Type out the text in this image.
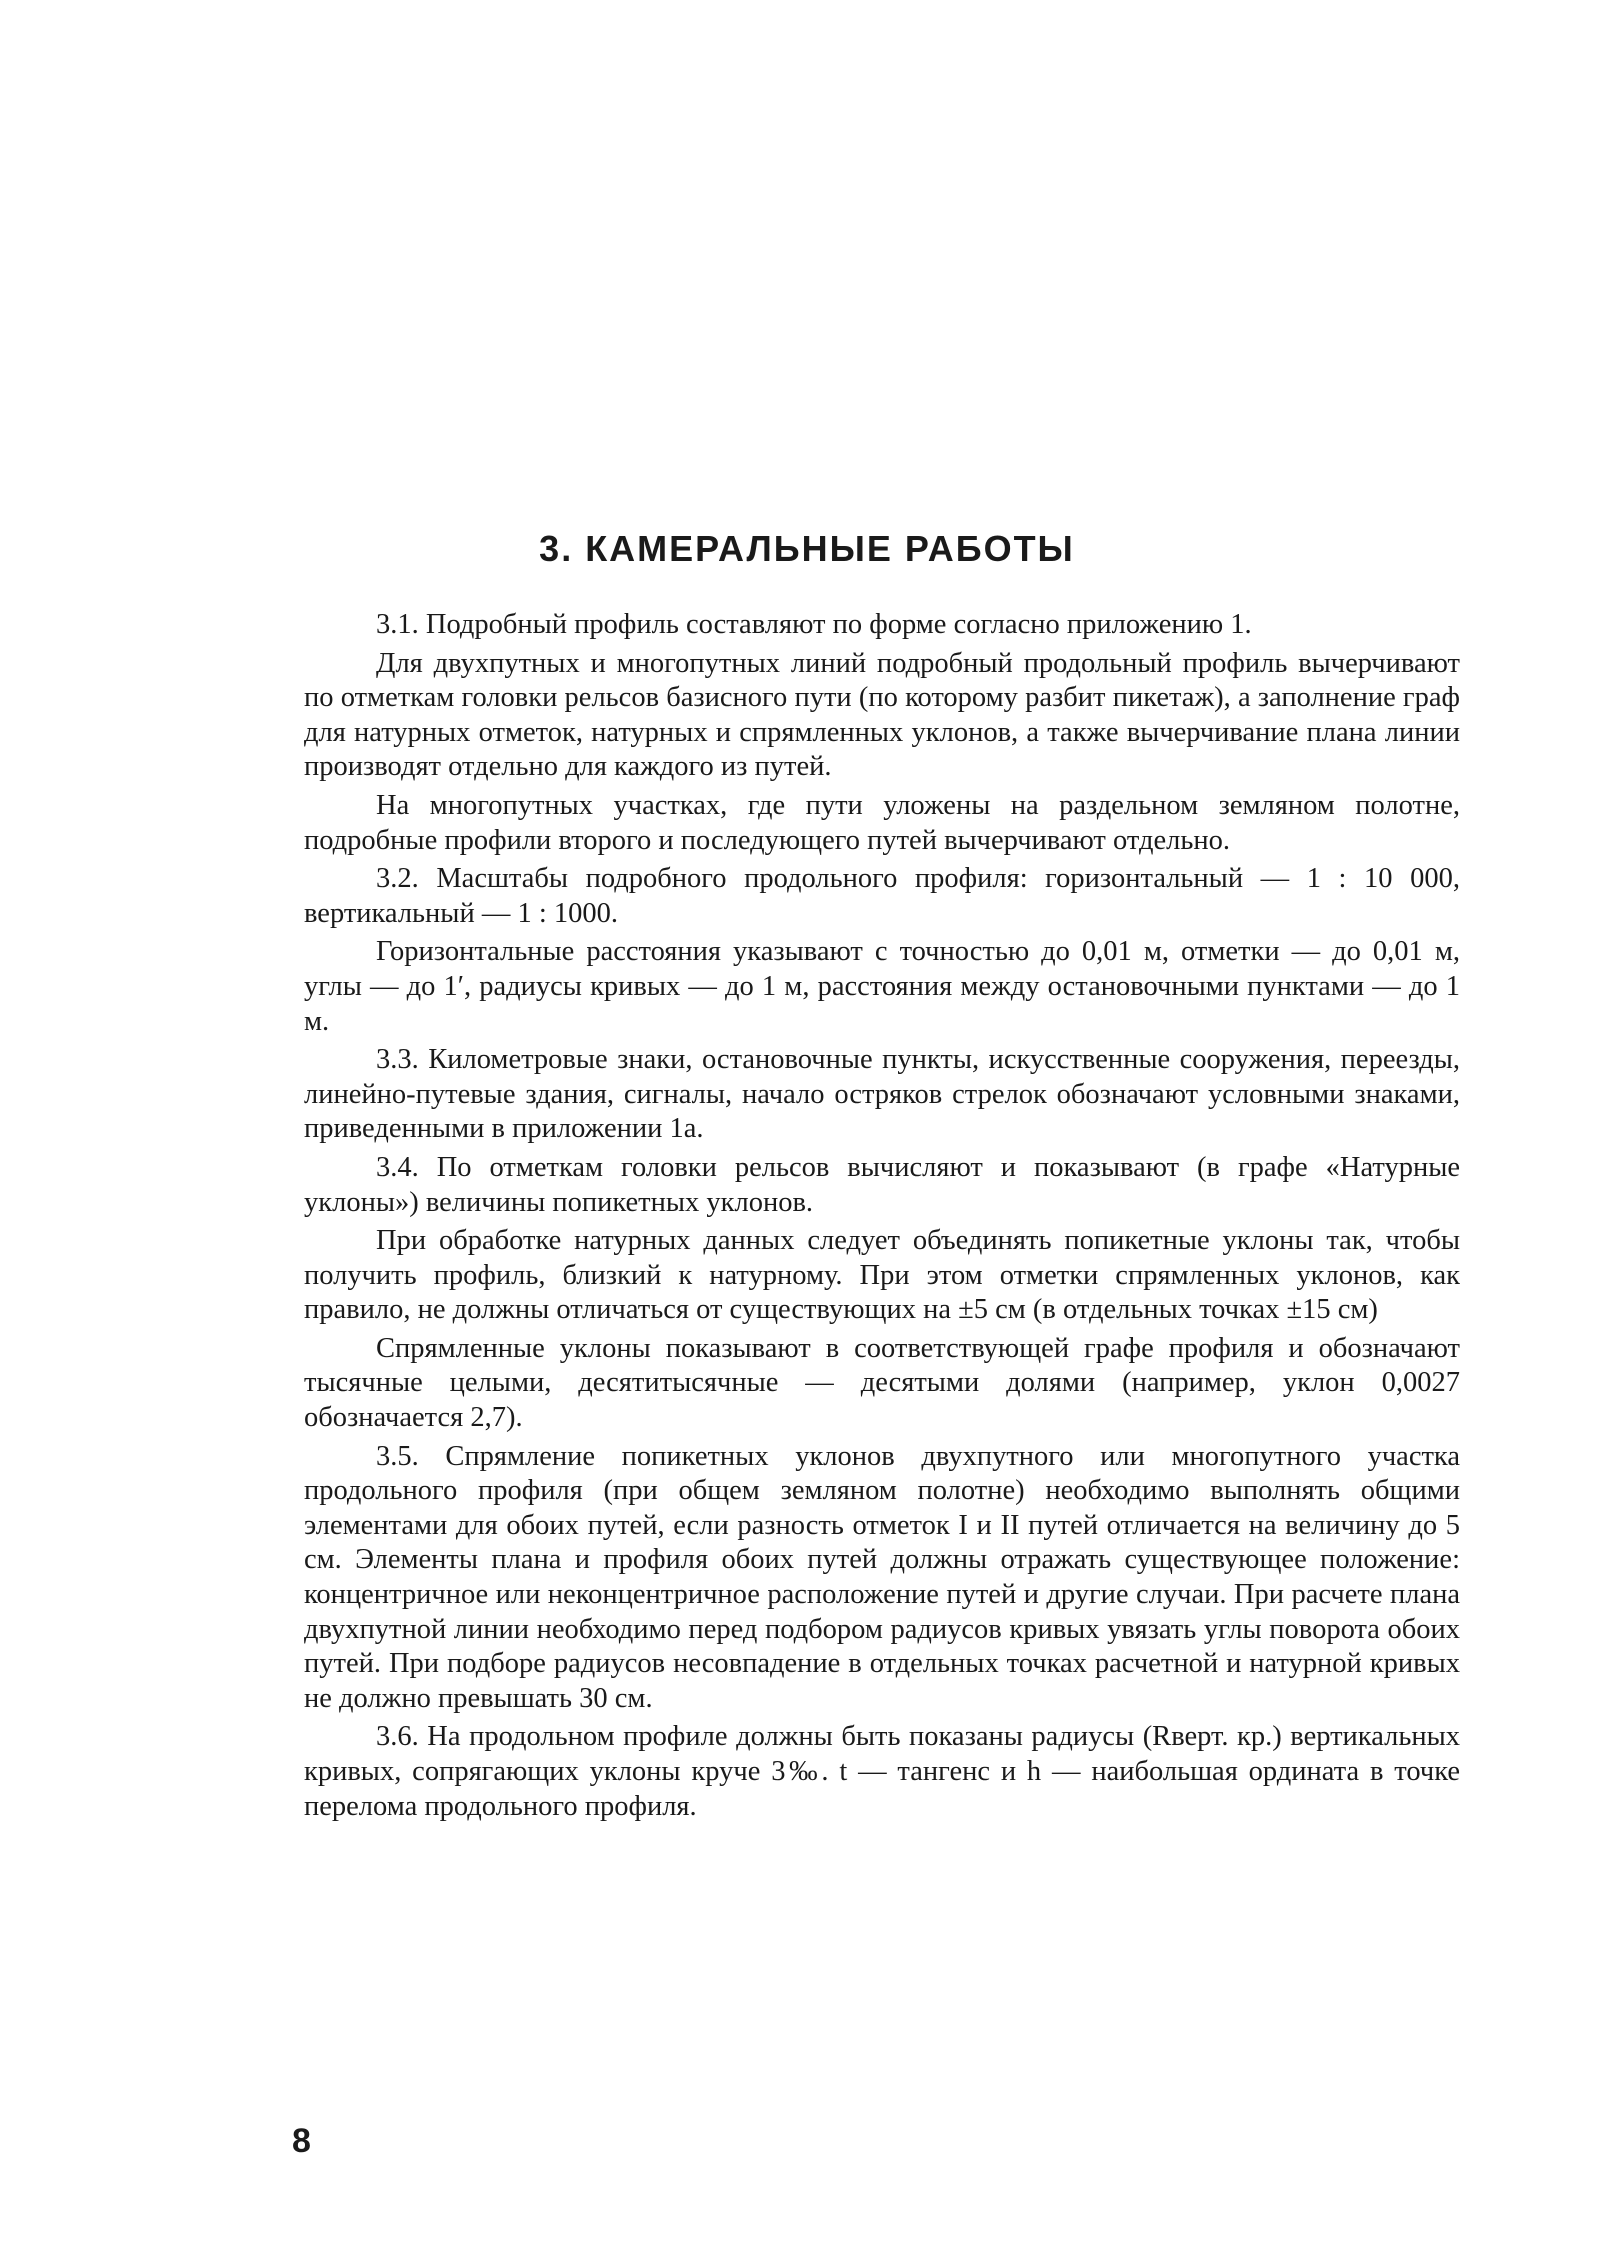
3. КАМЕРАЛЬНЫЕ РАБОТЫ

3.1. Подробный профиль составляют по форме согласно приложению 1.

Для двухпутных и многопутных линий подробный продольный профиль вычерчивают по отметкам головки рельсов базисного пути (по которому разбит пикетаж), а заполнение граф для натурных отметок, натурных и спрямленных уклонов, а также вычерчивание плана линии производят отдельно для каждого из путей.

На многопутных участках, где пути уложены на раздельном земляном полотне, подробные профили второго и последующего путей вычерчивают отдельно.

3.2. Масштабы подробного продольного профиля: горизонтальный — 1 : 10 000, вертикальный — 1 : 1000.

Горизонтальные расстояния указывают с точностью до 0,01 м, отметки — до 0,01 м, углы — до 1′, радиусы кривых — до 1 м, расстояния между остановочными пунктами — до 1 м.

3.3. Километровые знаки, остановочные пункты, искусственные сооружения, переезды, линейно-путевые здания, сигналы, начало остряков стрелок обозначают условными знаками, приведенными в приложении 1а.

3.4. По отметкам головки рельсов вычисляют и показывают (в графе «Натурные уклоны») величины попикетных уклонов.

При обработке натурных данных следует объединять попикетные уклоны так, чтобы получить профиль, близкий к натурному. При этом отметки спрямленных уклонов, как правило, не должны отличаться от существующих на ±5 см (в отдельных точках ±15 см)

Спрямленные уклоны показывают в соответствующей графе профиля и обозначают тысячные целыми, десятитысячные — десятыми долями (например, уклон 0,0027 обозначается 2,7).

3.5. Спрямление попикетных уклонов двухпутного или многопутного участка продольного профиля (при общем земляном полотне) необходимо выполнять общими элементами для обоих путей, если разность отметок I и II путей отличается на величину до 5 см. Элементы плана и профиля обоих путей должны отражать существующее положение: концентричное или неконцентричное расположение путей и другие случаи. При расчете плана двухпутной линии необходимо перед подбором радиусов кривых увязать углы поворота обоих путей. При подборе радиусов несовпадение в отдельных точках расчетной и натурной кривых не должно превышать 30 см.

3.6. На продольном профиле должны быть показаны радиусы (Rверт. кр.) вертикальных кривых, сопрягающих уклоны круче 3‰. t — тангенс и h — наибольшая ордината в точке перелома продольного профиля.

8
